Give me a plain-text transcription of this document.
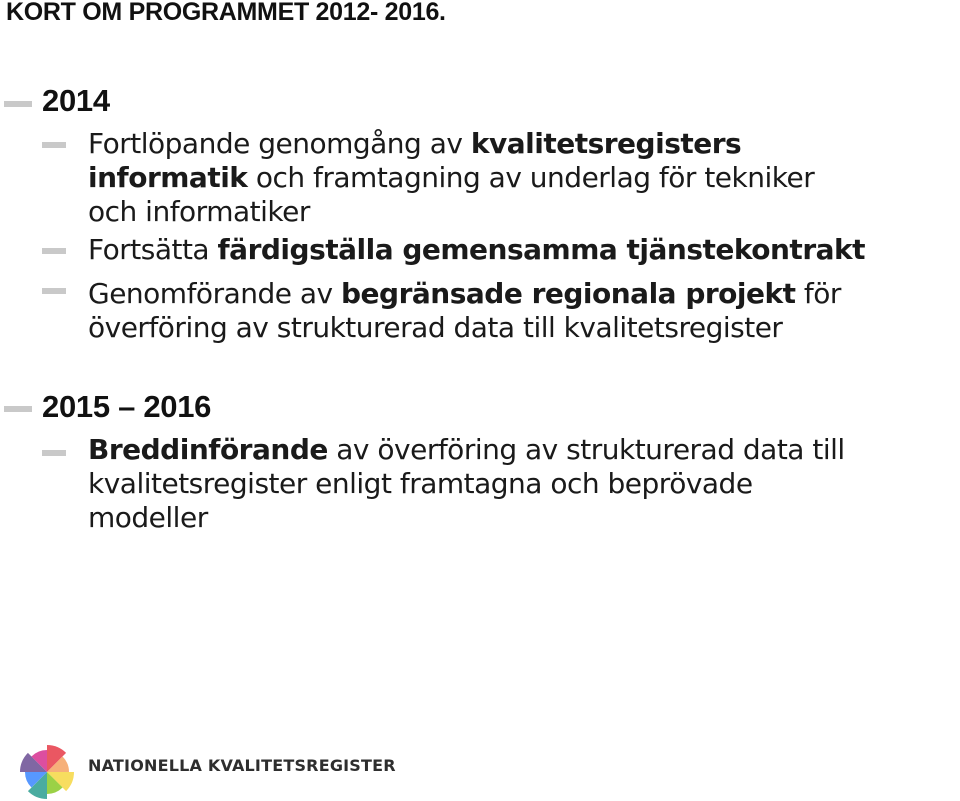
KORT OM PROGRAMMET 2012- 2016.
2014
Fortlöpande genomgång av kvalitetsregisters
informatik och framtagning av underlag för tekniker
och informatiker
Fortsätta färdigställa gemensamma tjänstekontrakt
Genomförande av begränsade regionala projekt för
överföring av strukturerad data till kvalitetsregister
2015 – 2016
Breddinförande av överföring av strukturerad data till
kvalitetsregister enligt framtagna och beprövade
modeller
NATIONELLA KVALITETSREGISTER
